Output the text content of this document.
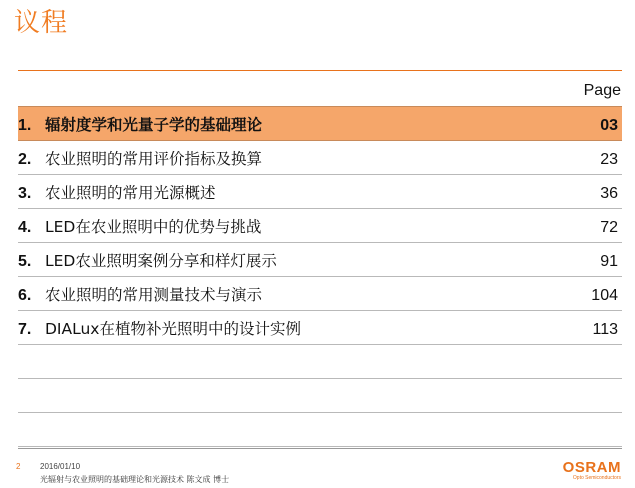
议程
Page
1. 辐射度学和光量子学的基础理论	03
2. 农业照明的常用评价指标及换算	23
3. 农业照明的常用光源概述	36
4. LED在农业照明中的优势与挑战	72
5. LED农业照明案例分享和样灯展示	91
6. 农业照明的常用测量技术与演示	104
7. DIALux在植物补光照明中的设计实例	113
2 2016/01/10
光辐射与农业照明的基础理论和光源技术 陈文成 博士
OSRAM
Opto Semiconductors
